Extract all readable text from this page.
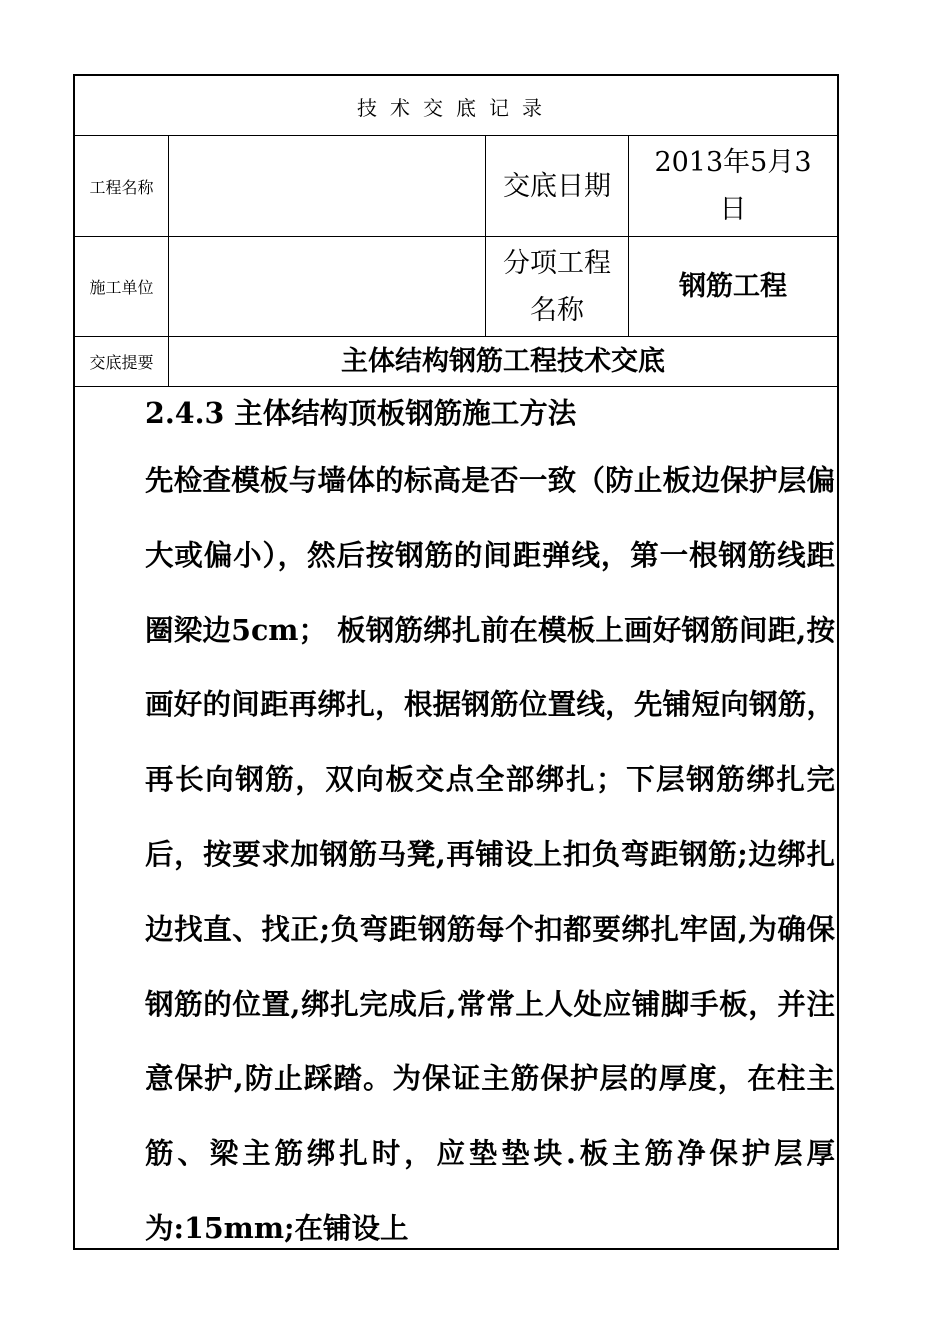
技术交底记录
工程名称	交底日期
2013年5月3日
施工单位
分项工程名称
钢筋工程
交底提要	主体结构钢筋工程技术交底
2.4.3 主体结构顶板钢筋施工方法
先检查模板与墙体的标高是否一致（防止板边保护层偏大或偏小），然后按钢筋的间距弹线，第一根钢筋线距圈梁边5cm； 板钢筋绑扎前在模板上画好钢筋间距,按画好的间距再绑扎，根据钢筋位置线，先铺短向钢筋，再长向钢筋，双向板交点全部绑扎；下层钢筋绑扎完后，按要求加钢筋马凳,再铺设上扣负弯距钢筋;边绑扎边找直、找正;负弯距钢筋每个扣都要绑扎牢固,为确保钢筋的位置,绑扎完成后,常常上人处应铺脚手板，并注意保护,防止踩踏。为保证主筋保护层的厚度，在柱主筋、梁主筋绑扎时，应垫垫块.板主筋净保护层厚为:15mm;在铺设上
